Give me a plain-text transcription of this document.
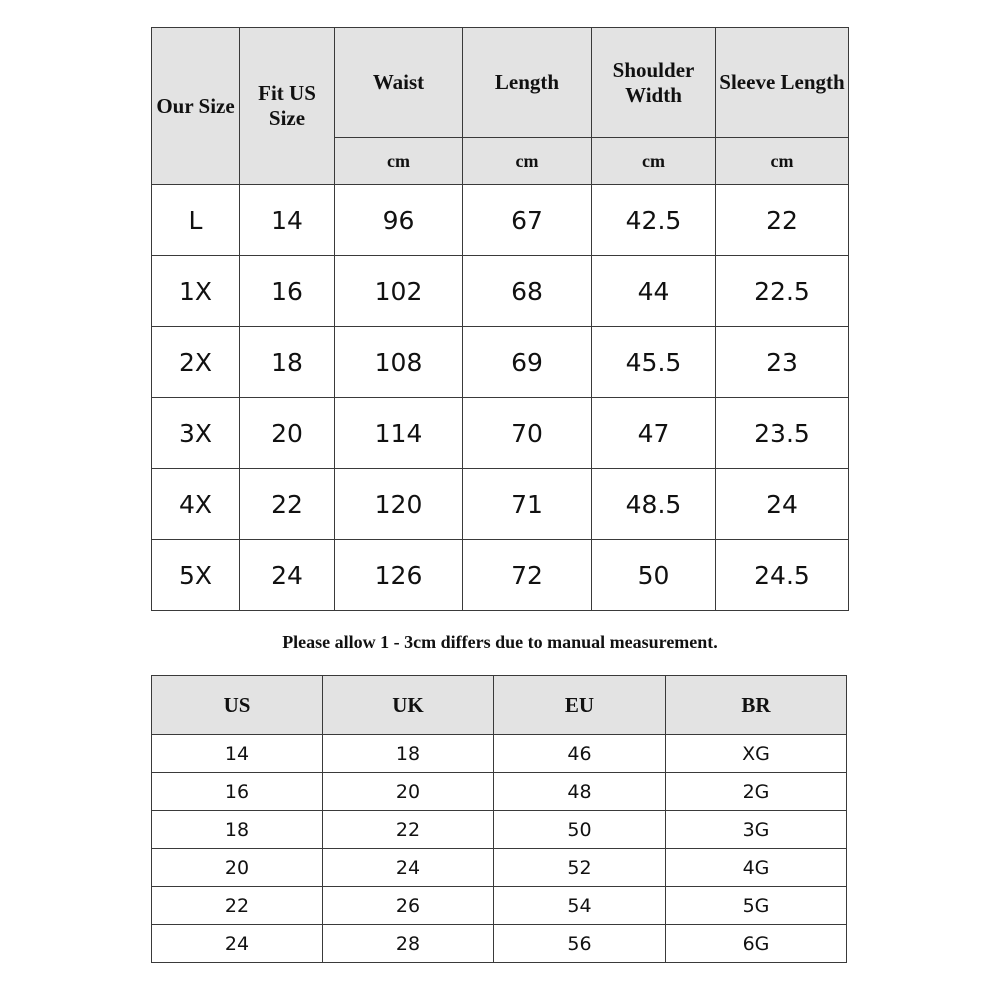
Our Size	Fit US Size	Waist	Length	Shoulder Width	Sleeve Length
		cm	cm	cm	cm
L	14	96	67	42.5	22
1X	16	102	68	44	22.5
2X	18	108	69	45.5	23
3X	20	114	70	47	23.5
4X	22	120	71	48.5	24
5X	24	126	72	50	24.5
Please allow 1 - 3cm differs due to manual measurement.
US	UK	EU	BR
14	18	46	XG
16	20	48	2G
18	22	50	3G
20	24	52	4G
22	26	54	5G
24	28	56	6G
